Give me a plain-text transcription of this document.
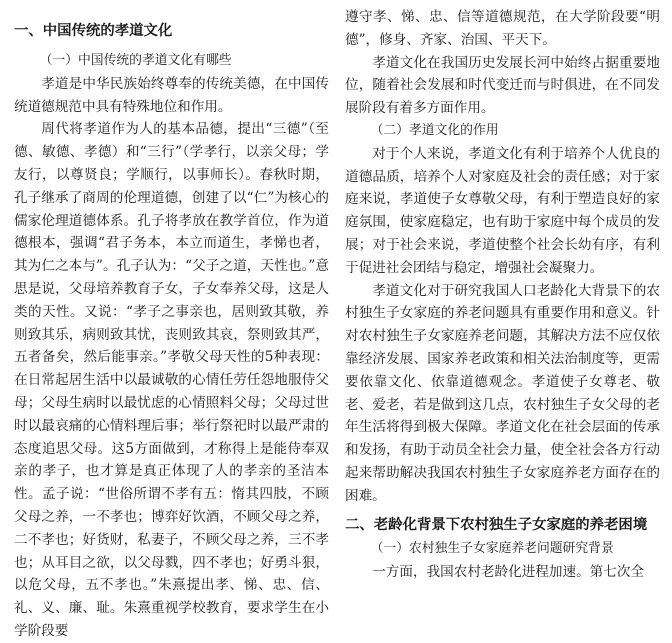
一、中国传统的孝道文化
（一）中国传统的孝道文化有哪些

孝道是中华民族始终尊奉的传统美德，在中国传统道德规范中具有特殊地位和作用。

周代将孝道作为人的基本品德，提出“三德”（至德、敏德、孝德）和“三行”（学孝行，以亲父母；学友行，以尊贤良；学顺行，以事师长）。春秋时期，孔子继承了商周的伦理道德，创建了以“仁”为核心的儒家伦理道德体系。孔子将孝放在教学首位，作为道德根本，强调“君子务本，本立而道生，孝悌也者，其为仁之本与”。孔子认为：“父子之道，天性也。”意思是说，父母培养教育子女，子女奉养父母，这是人类的天性。又说：“孝子之事亲也，居则致其敬，养则致其乐，病则致其忧，丧则致其哀，祭则致其严，五者备矣，然后能事亲。”孝敬父母天性的5种表现：在日常起居生活中以最诚敬的心情任劳任怨地服侍父母；父母生病时以最忧虑的心情照料父母；父母过世时以最哀痛的心情料理后事；举行祭祀时以最严肃的态度追思父母。这5方面做到，才称得上是能侍奉双亲的孝子，也才算是真正体现了人的孝亲的圣洁本性。孟子说：“世俗所谓不孝有五：惰其四肢，不顾父母之养，一不孝也；博弈好饮酒，不顾父母之养，二不孝也；好货财，私妻子，不顾父母之养，三不孝也；从耳目之欲，以父母戮，四不孝也；好勇斗狠，以危父母，五不孝也。”朱熹提出孝、悌、忠、信、礼、义、廉、耻。朱熹重视学校教育，要求学生在小学阶段要

遵守孝、悌、忠、信等道德规范，在大学阶段要“明德”，修身、齐家、治国、平天下。

孝道文化在我国历史发展长河中始终占据重要地位，随着社会发展和时代变迁而与时俱进，在不同发展阶段有着多方面作用。

（二）孝道文化的作用

对于个人来说，孝道文化有利于培养个人优良的道德品质，培养个人对家庭及社会的责任感；对于家庭来说，孝道使子女尊敬父母，有利于塑造良好的家庭氛围，使家庭稳定，也有助于家庭中每个成员的发展；对于社会来说，孝道使整个社会长幼有序，有利于促进社会团结与稳定，增强社会凝聚力。

孝道文化对于研究我国人口老龄化大背景下的农村独生子女家庭的养老问题具有重要作用和意义。针对农村独生子女家庭养老问题，其解决方法不应仅依靠经济发展、国家养老政策和相关法治制度等，更需要依靠文化、依靠道德观念。孝道使子女尊老、敬老、爱老，若是做到这几点，农村独生子女父母的老年生活将得到极大保障。孝道文化在社会层面的传承和发扬，有助于动员全社会力量，使全社会各方行动起来帮助解决我国农村独生子女家庭养老方面存在的困难。

二、老龄化背景下农村独生子女家庭的养老困境
（一）农村独生子女家庭养老问题研究背景

一方面，我国农村老龄化进程加速。第七次全
